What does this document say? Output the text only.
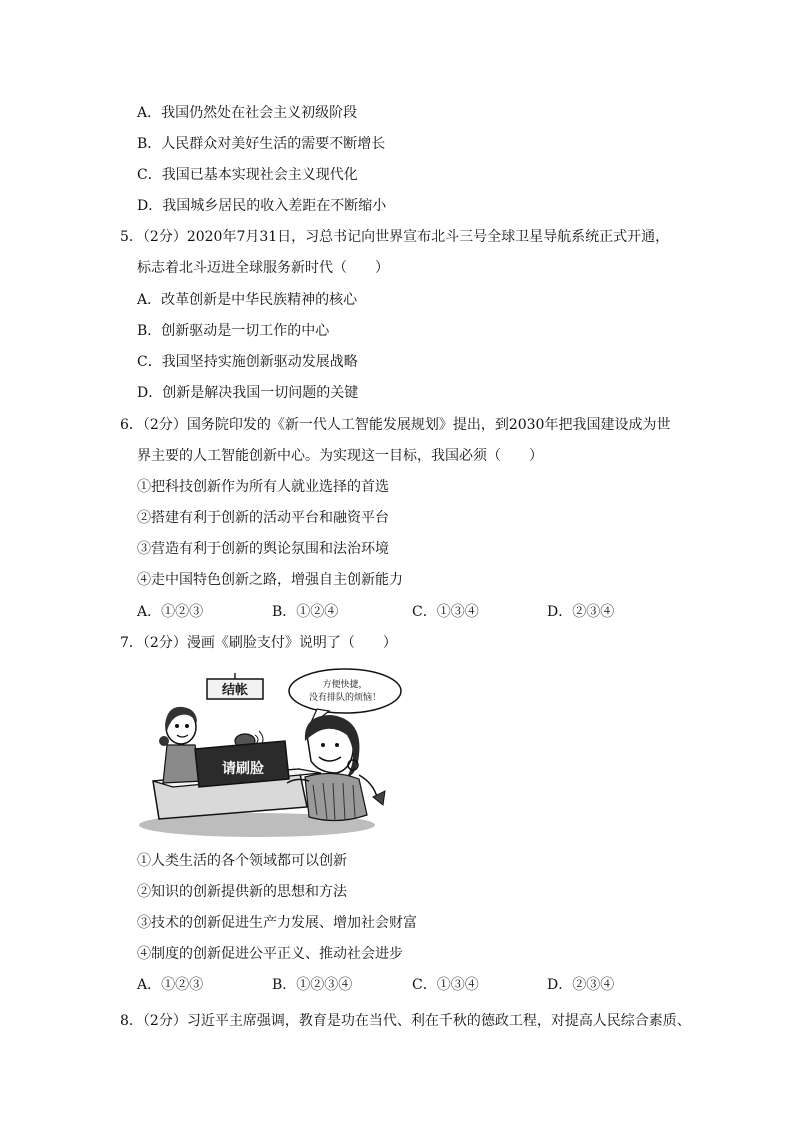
A．我国仍然处在社会主义初级阶段
B．人民群众对美好生活的需要不断增长
C．我国已基本实现社会主义现代化
D．我国城乡居民的收入差距在不断缩小
5．（2分）2020年7月31日，习总书记向世界宣布北斗三号全球卫星导航系统正式开通，
标志着北斗迈进全球服务新时代（　　）
A．改革创新是中华民族精神的核心
B．创新驱动是一切工作的中心
C．我国坚持实施创新驱动发展战略
D．创新是解决我国一切问题的关键
6．（2分）国务院印发的《新一代人工智能发展规划》提出，到2030年把我国建设成为世
界主要的人工智能创新中心。为实现这一目标，我国必须（　　）
①把科技创新作为所有人就业选择的首选
②搭建有利于创新的活动平台和融资平台
③营造有利于创新的舆论氛围和法治环境
④走中国特色创新之路，增强自主创新能力
A．①②③	B．①②④	C．①③④	D．②③④
7．（2分）漫画《刷脸支付》说明了（　　）
结帐	方便快捷，
没有排队的烦恼！
请刷脸
①人类生活的各个领域都可以创新
②知识的创新提供新的思想和方法
③技术的创新促进生产力发展、增加社会财富
④制度的创新促进公平正义、推动社会进步
A．①②③	B．①②③④	C．①③④	D．②③④
8．（2分）习近平主席强调，教育是功在当代、利在千秋的德政工程，对提高人民综合素质、
